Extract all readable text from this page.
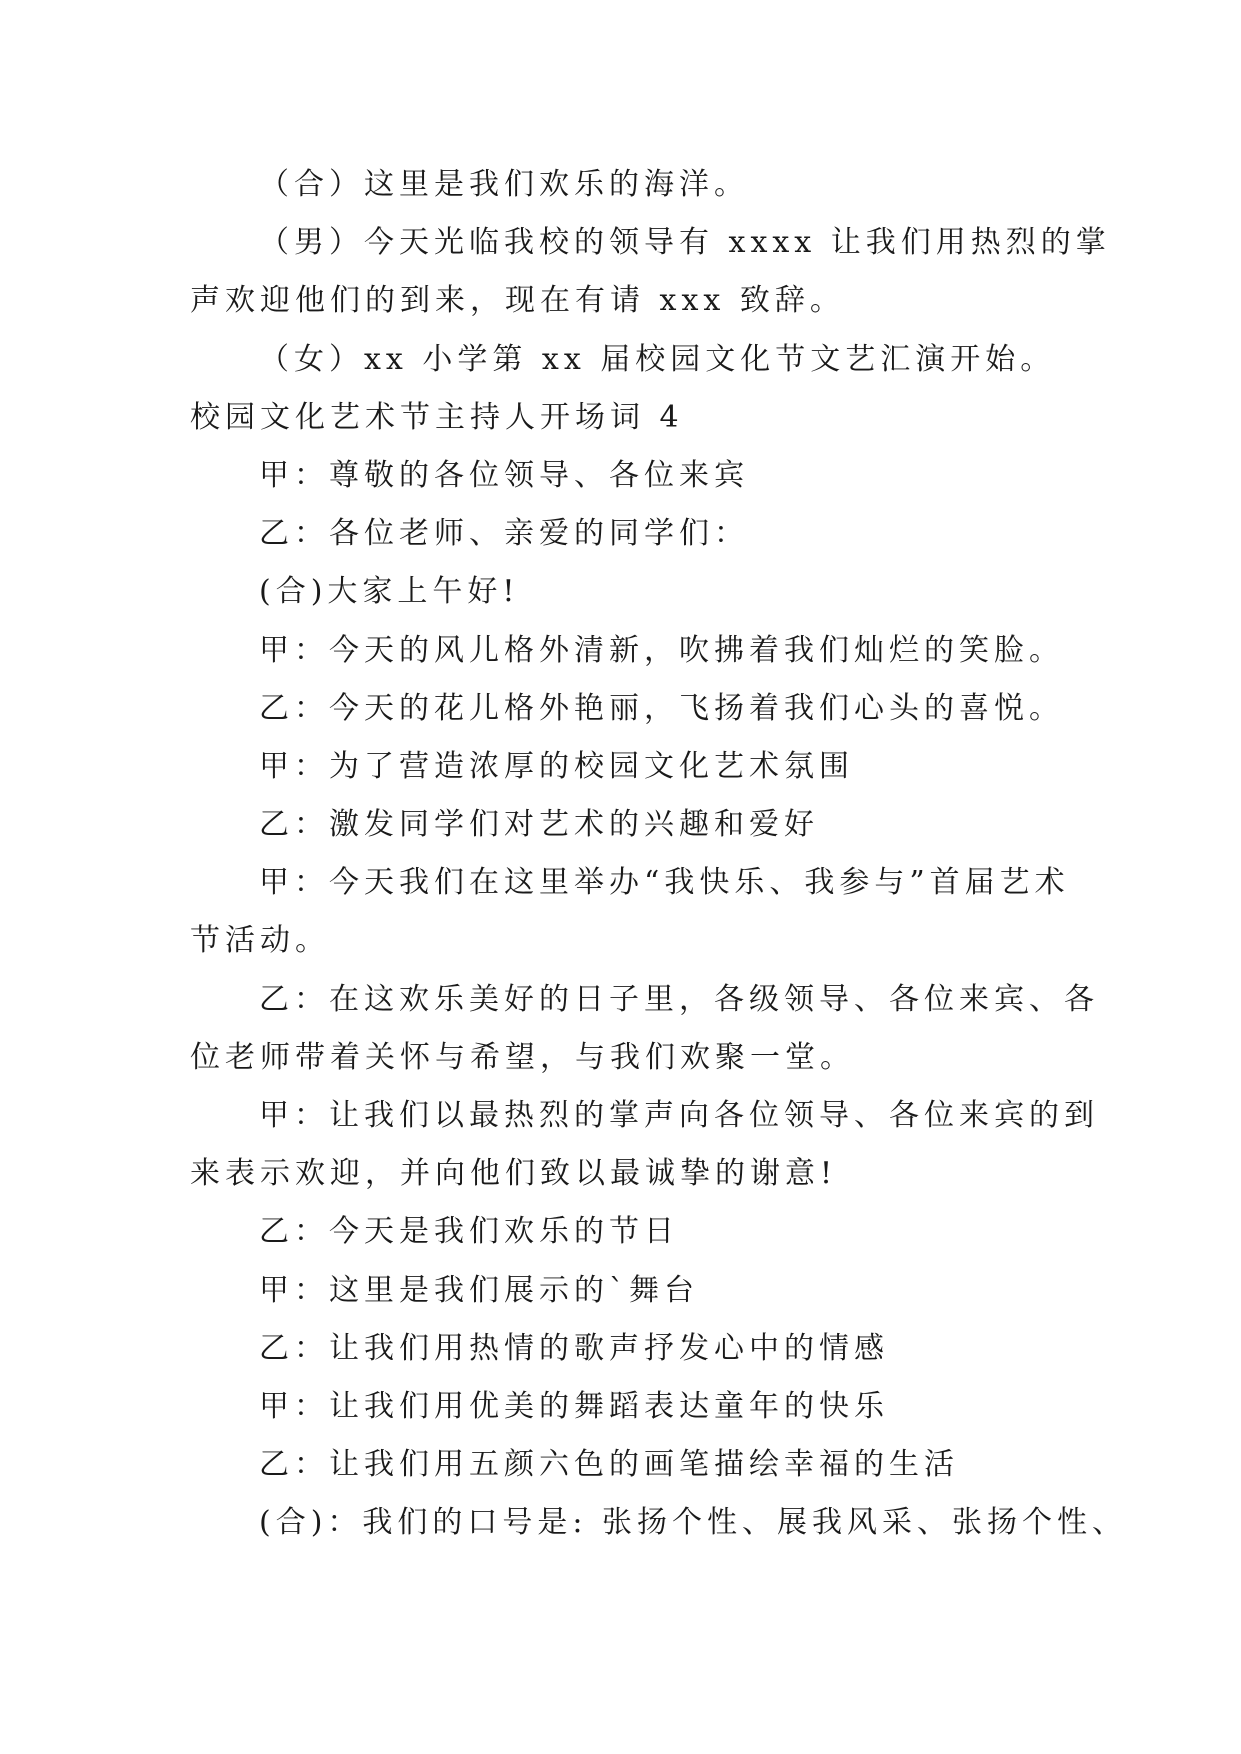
（合）这里是我们欢乐的海洋。
（男）今天光临我校的领导有 xxxx 让我们用热烈的掌
声欢迎他们的到来，现在有请 xxx 致辞。
（女）xx 小学第 xx 届校园文化节文艺汇演开始。
校园文化艺术节主持人开场词 4
甲：尊敬的各位领导、各位来宾
乙：各位老师、亲爱的同学们：
(合)大家上午好!
甲：今天的风儿格外清新，吹拂着我们灿烂的笑脸。
乙：今天的花儿格外艳丽，飞扬着我们心头的喜悦。
甲：为了营造浓厚的校园文化艺术氛围
乙：激发同学们对艺术的兴趣和爱好
甲：今天我们在这里举办“我快乐、我参与”首届艺术
节活动。
乙：在这欢乐美好的日子里，各级领导、各位来宾、各
位老师带着关怀与希望，与我们欢聚一堂。
甲：让我们以最热烈的掌声向各位领导、各位来宾的到
来表示欢迎，并向他们致以最诚挚的谢意!
乙：今天是我们欢乐的节日
甲：这里是我们展示的`舞台
乙：让我们用热情的歌声抒发心中的情感
甲：让我们用优美的舞蹈表达童年的快乐
乙：让我们用五颜六色的画笔描绘幸福的生活
(合)：我们的口号是: 张扬个性、展我风采、张扬个性、
